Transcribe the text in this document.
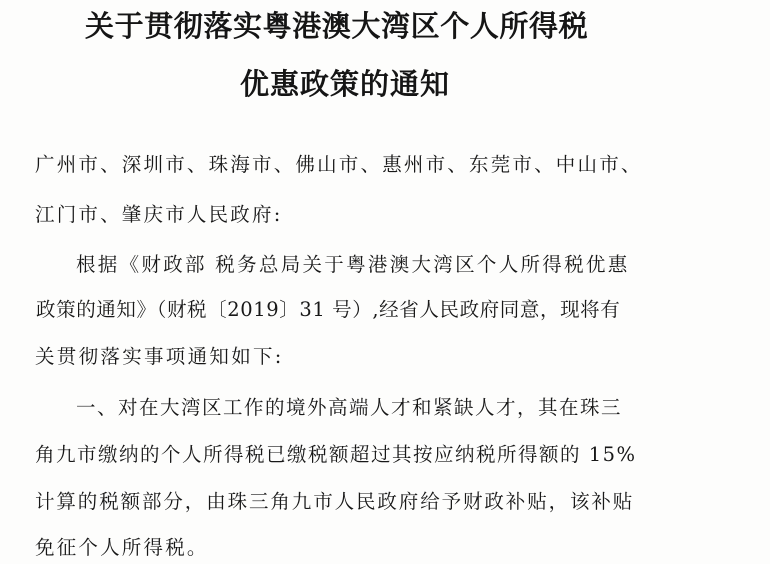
关于贯彻落实粤港澳大湾区个人所得税
优惠政策的通知

广州市、深圳市、珠海市、佛山市、惠州市、东莞市、中山市、

江门市、肇庆市人民政府:

根据《财政部 税务总局关于粤港澳大湾区个人所得税优惠

政策的通知》（财税〔2019〕31 号）,经省人民政府同意，现将有

关贯彻落实事项通知如下:

一、对在大湾区工作的境外高端人才和紧缺人才，其在珠三

角九市缴纳的个人所得税已缴税额超过其按应纳税所得额的 15%

计算的税额部分，由珠三角九市人民政府给予财政补贴，该补贴

免征个人所得税。
